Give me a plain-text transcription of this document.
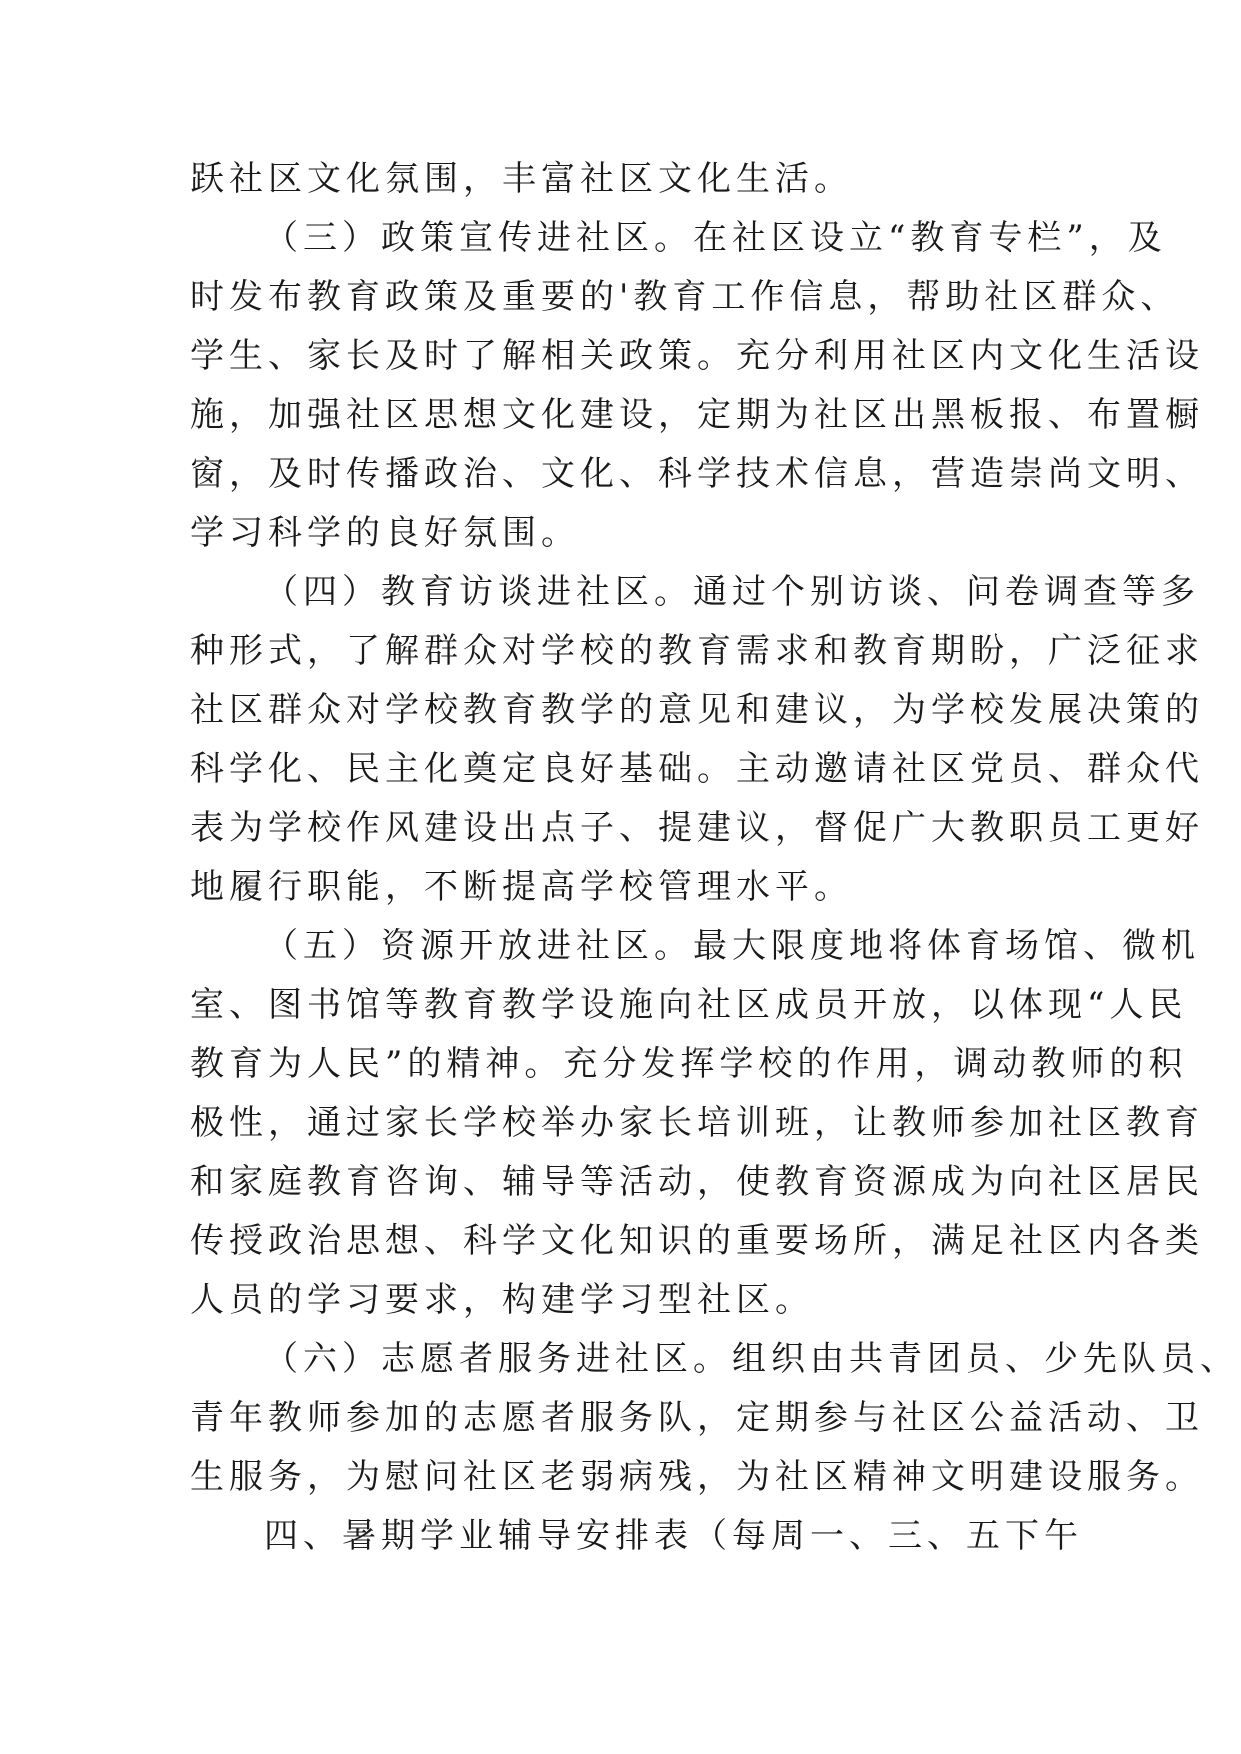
跃社区文化氛围，丰富社区文化生活。
（三）政策宣传进社区。在社区设立“教育专栏”，及
时发布教育政策及重要的'教育工作信息，帮助社区群众、
学生、家长及时了解相关政策。充分利用社区内文化生活设
施，加强社区思想文化建设，定期为社区出黑板报、布置橱
窗，及时传播政治、文化、科学技术信息，营造崇尚文明、
学习科学的良好氛围。
（四）教育访谈进社区。通过个别访谈、问卷调查等多
种形式，了解群众对学校的教育需求和教育期盼，广泛征求
社区群众对学校教育教学的意见和建议，为学校发展决策的
科学化、民主化奠定良好基础。主动邀请社区党员、群众代
表为学校作风建设出点子、提建议，督促广大教职员工更好
地履行职能，不断提高学校管理水平。
（五）资源开放进社区。最大限度地将体育场馆、微机
室、图书馆等教育教学设施向社区成员开放，以体现“人民
教育为人民”的精神。充分发挥学校的作用，调动教师的积
极性，通过家长学校举办家长培训班，让教师参加社区教育
和家庭教育咨询、辅导等活动，使教育资源成为向社区居民
传授政治思想、科学文化知识的重要场所，满足社区内各类
人员的学习要求，构建学习型社区。
（六）志愿者服务进社区。组织由共青团员、少先队员、
青年教师参加的志愿者服务队，定期参与社区公益活动、卫
生服务，为慰问社区老弱病残，为社区精神文明建设服务。
四、暑期学业辅导安排表（每周一、三、五下午
